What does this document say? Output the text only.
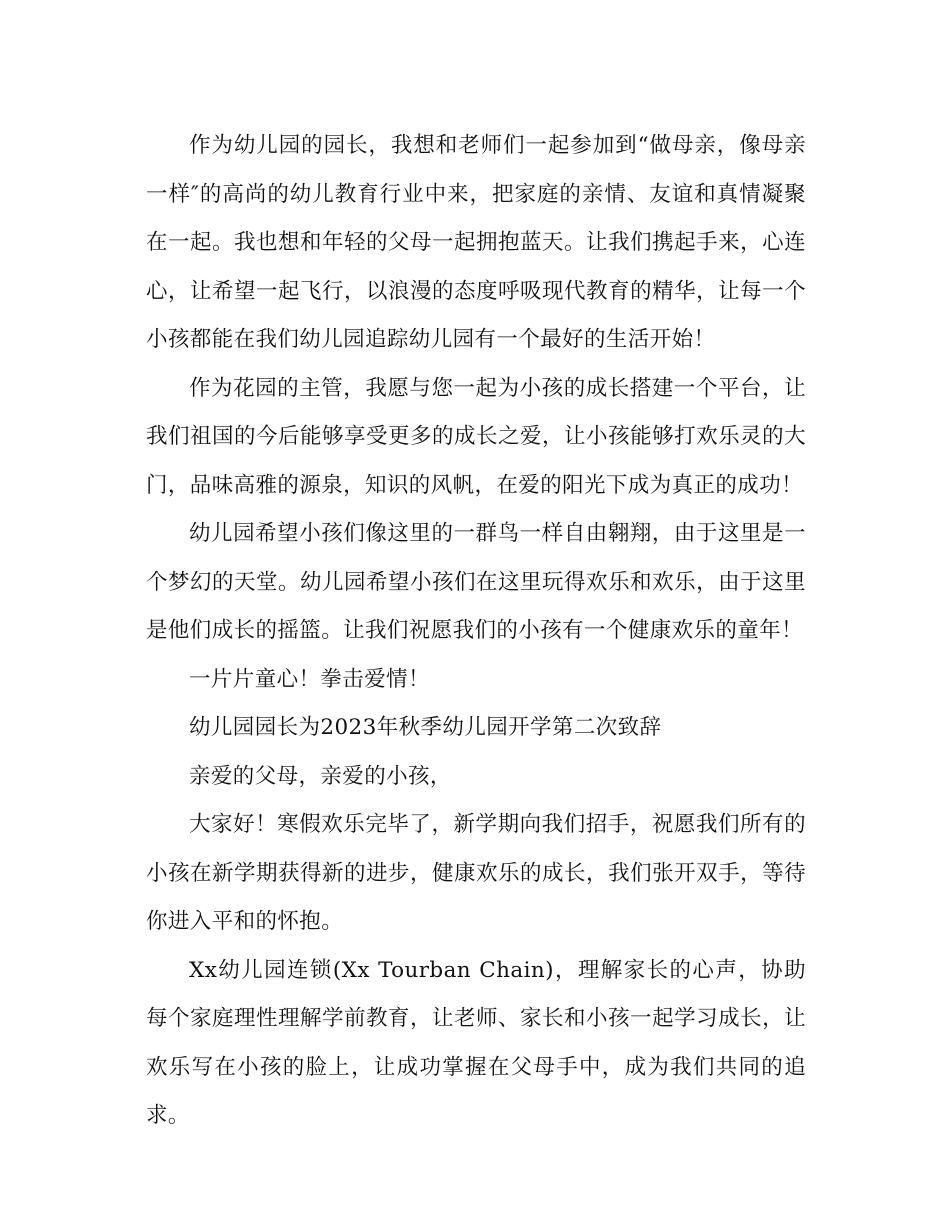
作为幼儿园的园长，我想和老师们一起参加到“做母亲，像母亲一样″的高尚的幼儿教育行业中来，把家庭的亲情、友谊和真情凝聚在一起。我也想和年轻的父母一起拥抱蓝天。让我们携起手来，心连心，让希望一起飞行，以浪漫的态度呼吸现代教育的精华，让每一个小孩都能在我们幼儿园追踪幼儿园有一个最好的生活开始！

作为花园的主管，我愿与您一起为小孩的成长搭建一个平台，让我们祖国的今后能够享受更多的成长之爱，让小孩能够打欢乐灵的大门，品味高雅的源泉，知识的风帆，在爱的阳光下成为真正的成功！

幼儿园希望小孩们像这里的一群鸟一样自由翱翔，由于这里是一个梦幻的天堂。幼儿园希望小孩们在这里玩得欢乐和欢乐，由于这里是他们成长的摇篮。让我们祝愿我们的小孩有一个健康欢乐的童年！

一片片童心！拳击爱情！

幼儿园园长为2023年秋季幼儿园开学第二次致辞

亲爱的父母，亲爱的小孩，

大家好！寒假欢乐完毕了，新学期向我们招手，祝愿我们所有的小孩在新学期获得新的进步，健康欢乐的成长，我们张开双手，等待你进入平和的怀抱。

Xx幼儿园连锁(Xx Tourban Chain)，理解家长的心声，协助每个家庭理性理解学前教育，让老师、家长和小孩一起学习成长，让欢乐写在小孩的脸上，让成功掌握在父母手中，成为我们共同的追求。
